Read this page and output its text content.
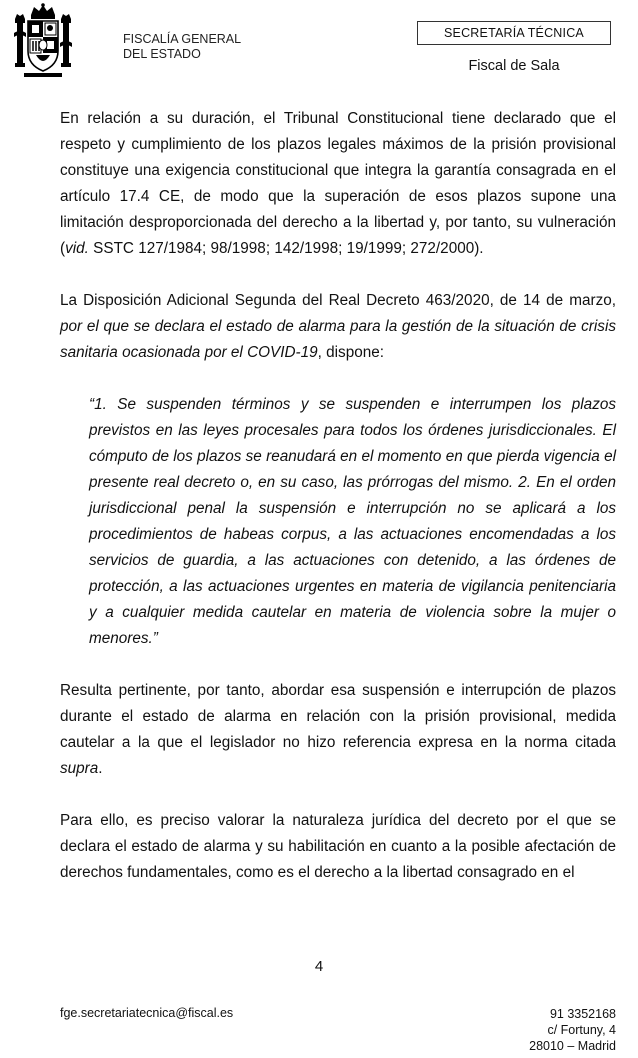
FISCALÍA GENERAL
DEL ESTADO
SECRETARÍA TÉCNICA
Fiscal de Sala

En relación a su duración, el Tribunal Constitucional tiene declarado que el respeto y cumplimiento de los plazos legales máximos de la prisión provisional constituye una exigencia constitucional que integra la garantía consagrada en el artículo 17.4 CE, de modo que la superación de esos plazos supone una limitación desproporcionada del derecho a la libertad y, por tanto, su vulneración (vid. SSTC 127/1984; 98/1998; 142/1998; 19/1999; 272/2000).

La Disposición Adicional Segunda del Real Decreto 463/2020, de 14 de marzo, por el que se declara el estado de alarma para la gestión de la situación de crisis sanitaria ocasionada por el COVID-19, dispone:

“1. Se suspenden términos y se suspenden e interrumpen los plazos previstos en las leyes procesales para todos los órdenes jurisdiccionales. El cómputo de los plazos se reanudará en el momento en que pierda vigencia el presente real decreto o, en su caso, las prórrogas del mismo. 2. En el orden jurisdiccional penal la suspensión e interrupción no se aplicará a los procedimientos de habeas corpus, a las actuaciones encomendadas a los servicios de guardia, a las actuaciones con detenido, a las órdenes de protección, a las actuaciones urgentes en materia de vigilancia penitenciaria y a cualquier medida cautelar en materia de violencia sobre la mujer o menores.”

Resulta pertinente, por tanto, abordar esa suspensión e interrupción de plazos durante el estado de alarma en relación con la prisión provisional, medida cautelar a la que el legislador no hizo referencia expresa en la norma citada supra.

Para ello, es preciso valorar la naturaleza jurídica del decreto por el que se declara el estado de alarma y su habilitación en cuanto a la posible afectación de derechos fundamentales, como es el derecho a la libertad consagrado en el

4
fge.secretariatecnica@fiscal.es	91 3352168
c/ Fortuny, 4
28010 – Madrid
